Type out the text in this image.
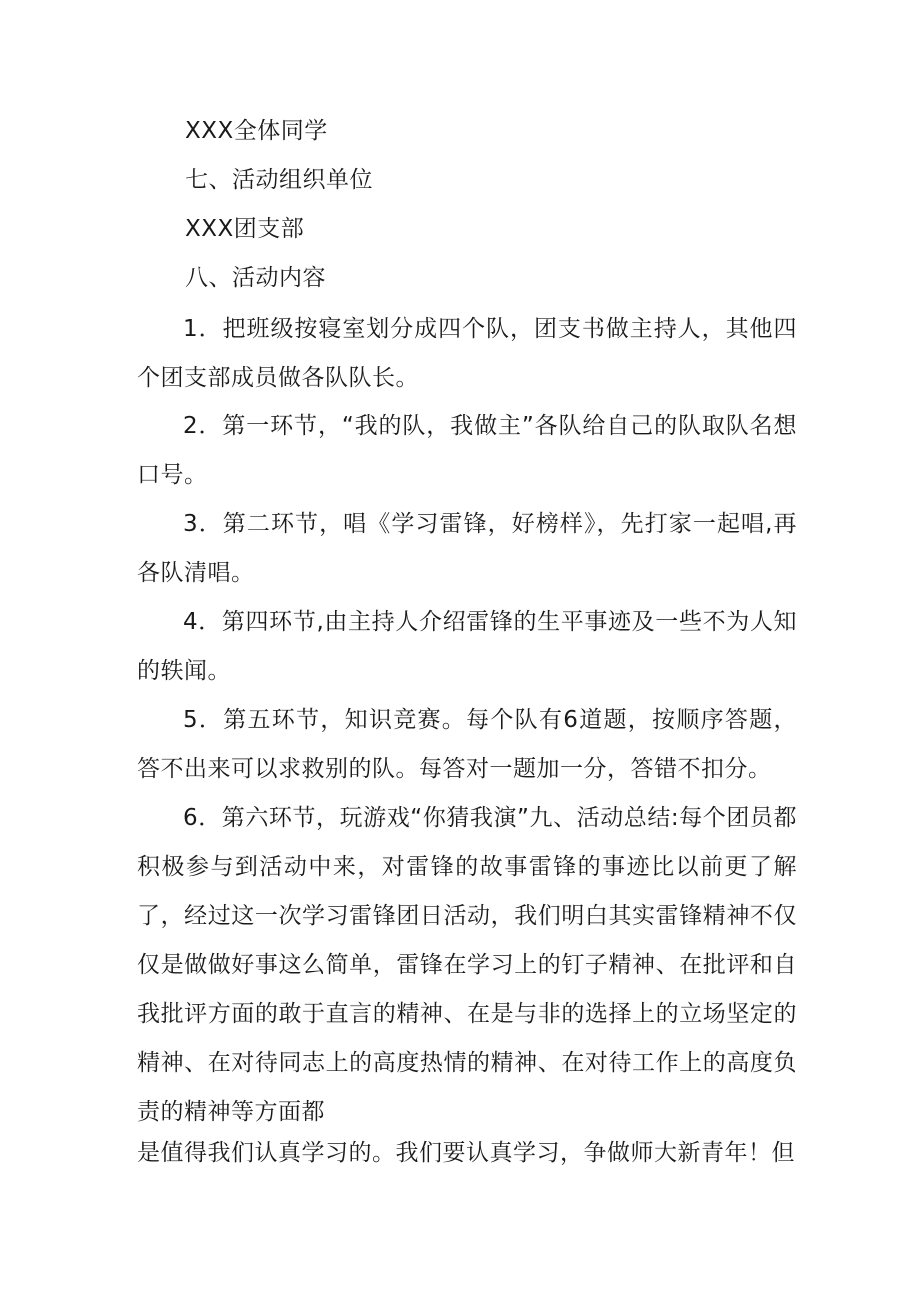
XXX全体同学
七、活动组织单位
XXX团支部
八、活动内容
1．把班级按寝室划分成四个队，团支书做主持人，其他四个团支部成员做各队队长。
2．第一环节，“我的队，我做主”各队给自己的队取队名想口号。
3．第二环节，唱《学习雷锋，好榜样》，先打家一起唱,再各队清唱。
4．第四环节,由主持人介绍雷锋的生平事迹及一些不为人知的轶闻。
5．第五环节，知识竞赛。每个队有6道题，按顺序答题，答不出来可以求救别的队。每答对一题加一分，答错不扣分。
6．第六环节，玩游戏“你猜我演”九、活动总结:每个团员都积极参与到活动中来，对雷锋的故事雷锋的事迹比以前更了解了，经过这一次学习雷锋团日活动，我们明白其实雷锋精神不仅仅是做做好事这么简单，雷锋在学习上的钉子精神、在批评和自我批评方面的敢于直言的精神、在是与非的选择上的立场坚定的精神、在对待同志上的高度热情的精神、在对待工作上的高度负责的精神等方面都
是值得我们认真学习的。我们要认真学习，争做师大新青年！但
